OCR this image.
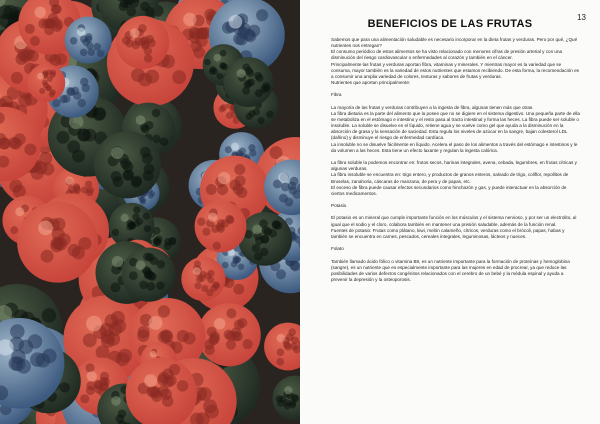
13
BENEFICIOS DE LAS FRUTAS

Sabemos que para una alimentación saludable es necesario incorporar en la dieta frutas y verduras. Pero por qué, ¿Qué nutrientes nos entregan?

El consumo periódico de estos alimentos se ha visto relacionado con menores cifras de presión arterial y con una disminución del riesgo cardiovascular o enfermedades al corazón y también en el cáncer.

Principalmente las frutas y verduras aportan fibra, vitaminas y minerales. Y mientras mayor es la variedad que se consuma, mayor también es la variedad de estos nutrientes que estamos recibiendo. De esta forma, la recomendación es a consumir una amplia variedad de colores, texturas y sabores de frutas y verduras.

Nutrientes que aportan principalmente:

Fibra

La mayoría de las frutas y verduras contribuyen a la ingesta de fibra, algunas tienen más que otras.

La fibra dietaria es la parte del alimento que la posee que no se digiere en el sistema digestivo. Una pequeña parte de ella se metaboliza en el estómago e intestino y el resto pasa al tracto intestinal y forma las heces. La fibra puede ser soluble o insoluble. La soluble se disuelve en el líquido, retiene agua y se vuelve como gel que ayuda a la disminución en la absorción de grasa y la sensación de saciedad. Esta regula los niveles de azúcar en la sangre, bajan colesterol LDL (dañino) y disminuye el riesgo de enfermedad cardíaca.

La insoluble no se disuelve fácilmente en líquido. Acelera el paso de los alimentos a través del estómago e intestinos y le da volumen a las heces. Esta tiene un efecto laxante y regulan la ingesta calórica.

La fibra soluble la podemos encontrar en: frutos secos, harinas integrales, avena, cebada, legumbres, en frutas cítricas y algunas verduras.

La fibra insoluble se encuentra en: trigo entero, y productos de granos enteros, salvado de trigo, coliflor, repollitos de Bruselas, zanahoria, cáscaras de manzana, de pera y de papas, etc.

El exceso de fibra puede causar efectos secundarios como hinchazón y gas, y puede interactuar en la absorción de ciertos medicamentos.

Potasio

El potasio es un mineral que cumple importante función en los músculos y el sistema nervioso, y por ser un electrolito, al igual que el sodio y el cloro, colabora también en mantener una presión saludable, además de la función renal.

Fuentes de potasio: Frutas como plátano, kiwi, melón calameño, cítricos, verduras como el brócoli, papas, habas y también se encuentra en carnes, pescados, cereales integrales, leguminosas, lácteos y nueces.

Folato

También llamado ácido fólico o vitamina B9, es un nutriente importante para la formación de proteínas y hemoglobina (sangre), es un nutriente que es especialmente importante para las mujeres en edad de procrear, ya que reduce las posibilidades de varios defectos congénitos relacionados con el cerebro de un bebé y la médula espinal y ayuda a prevenir la depresión y la osteoporosis.
